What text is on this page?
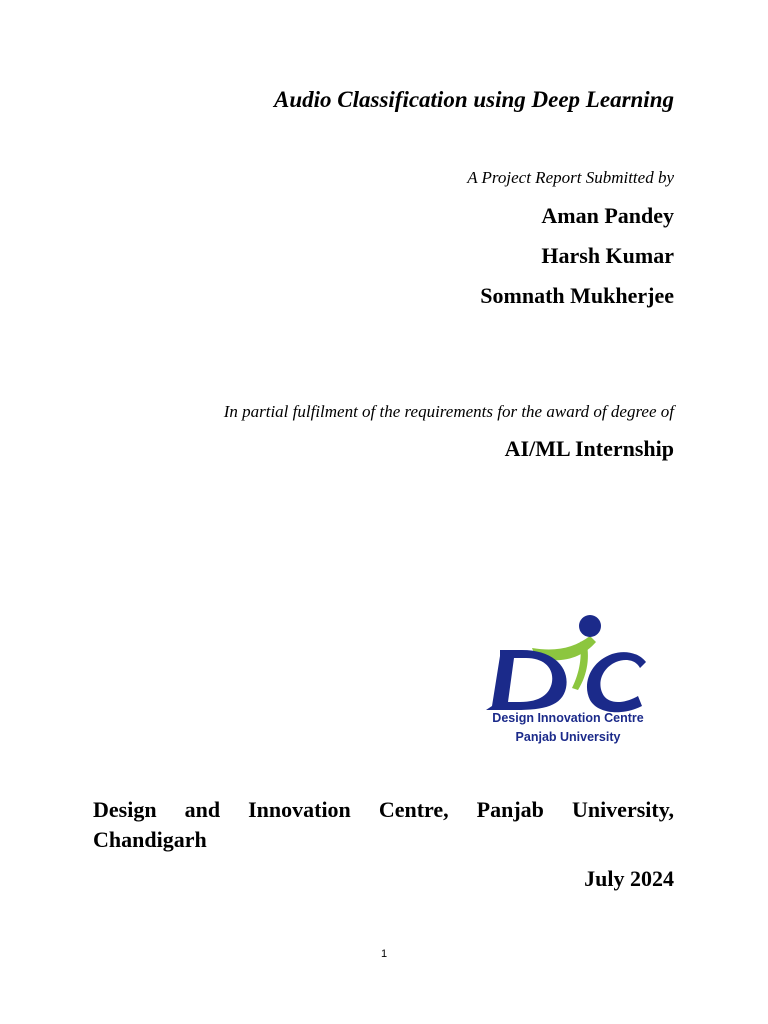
Audio Classification using Deep Learning
A Project Report Submitted by
Aman Pandey
Harsh Kumar
Somnath Mukherjee
In partial fulfilment of the requirements for the award of degree of
AI/ML Internship
Design Innovation Centre
Panjab University
Design and Innovation Centre, Panjab University, Chandigarh
July 2024
1
